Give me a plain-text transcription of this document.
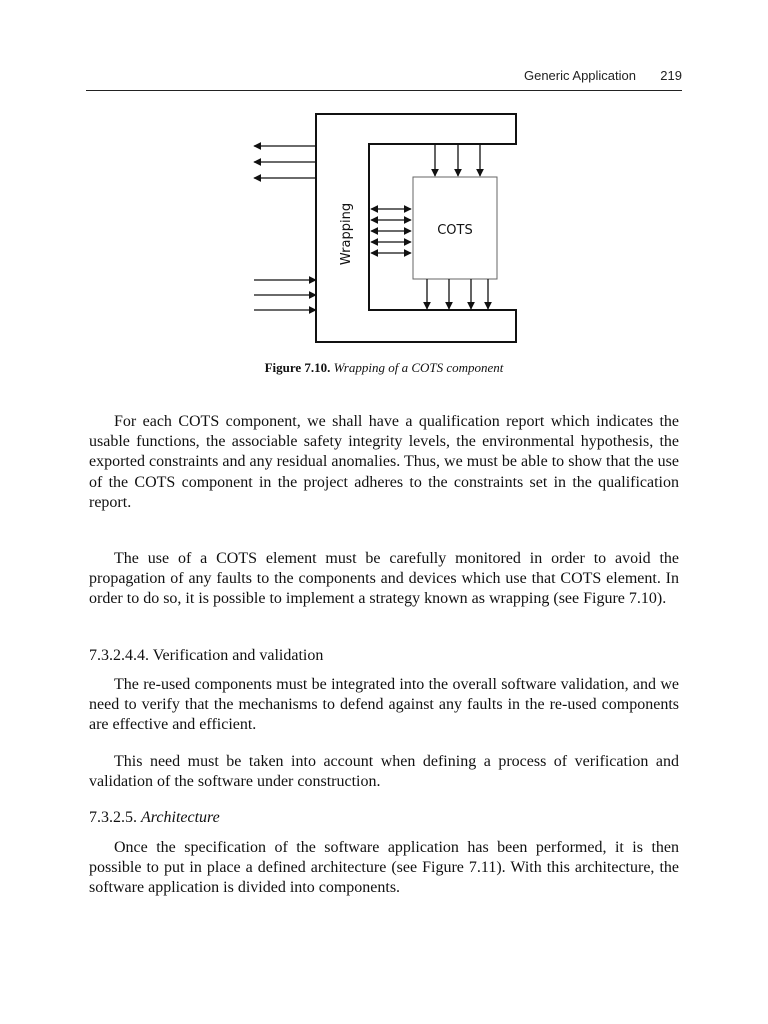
Generic Application 219
Wrapping	COTS
Figure 7.10. Wrapping of a COTS component

For each COTS component, we shall have a qualification report which indicates the usable functions, the associable safety integrity levels, the environmental hypothesis, the exported constraints and any residual anomalies. Thus, we must be able to show that the use of the COTS component in the project adheres to the constraints set in the qualification report.

The use of a COTS element must be carefully monitored in order to avoid the propagation of any faults to the components and devices which use that COTS element. In order to do so, it is possible to implement a strategy known as wrapping (see Figure 7.10).

7.3.2.4.4. Verification and validation

The re-used components must be integrated into the overall software validation, and we need to verify that the mechanisms to defend against any faults in the re-used components are effective and efficient.

This need must be taken into account when defining a process of verification and validation of the software under construction.

7.3.2.5. Architecture

Once the specification of the software application has been performed, it is then possible to put in place a defined architecture (see Figure 7.11). With this architecture, the software application is divided into components.
